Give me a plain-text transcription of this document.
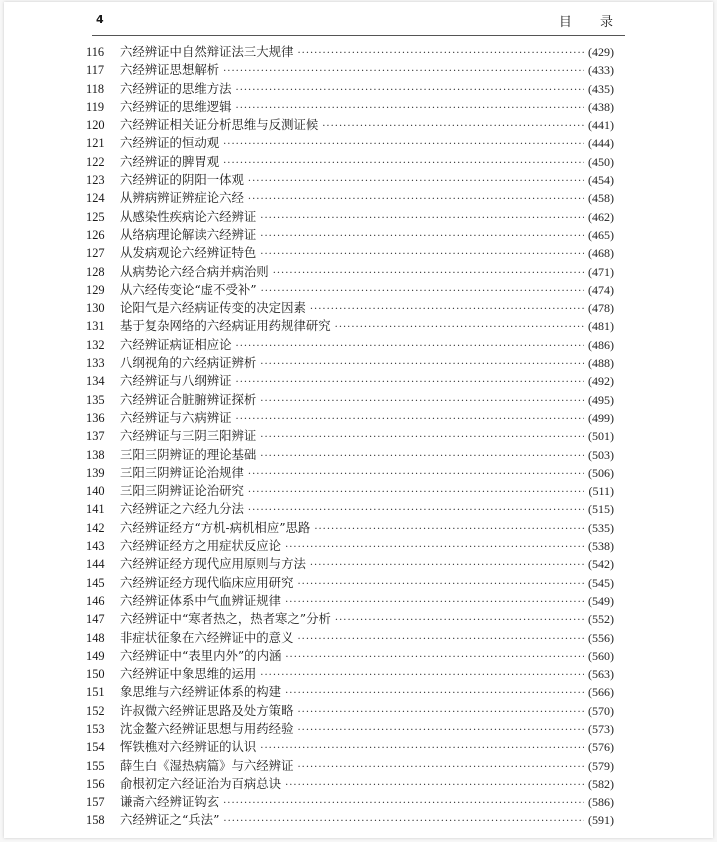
4	目 录
116	六经辨证中自然辩证法三大规律 ·····	(429)
117	六经辨证思想解析 ·····	(433)
118	六经辨证的思维方法 ·····	(435)
119	六经辨证的思维逻辑 ·····	(438)
120	六经辨证相关证分析思维与反测证候 ·····	(441)
121	六经辨证的恒动观 ·····	(444)
122	六经辨证的脾胃观 ·····	(450)
123	六经辨证的阴阳一体观 ·····	(454)
124	从辨病辨证辨症论六经 ·····	(458)
125	从感染性疾病论六经辨证 ·····	(462)
126	从络病理论解读六经辨证 ·····	(465)
127	从发病观论六经辨证特色 ·····	(468)
128	从病势论六经合病并病治则 ·····	(471)
129	从六经传变论“虚不受补” ·····	(474)
130	论阳气是六经病证传变的决定因素 ·····	(478)
131	基于复杂网络的六经病证用药规律研究 ·····	(481)
132	六经辨证病证相应论 ·····	(486)
133	八纲视角的六经病证辨析 ·····	(488)
134	六经辨证与八纲辨证 ·····	(492)
135	六经辨证合脏腑辨证探析 ·····	(495)
136	六经辨证与六病辨证 ·····	(499)
137	六经辨证与三阴三阳辨证 ·····	(501)
138	三阳三阴辨证的理论基础 ·····	(503)
139	三阳三阴辨证论治规律 ·····	(506)
140	三阳三阴辨证论治研究 ·····	(511)
141	六经辨证之六经九分法 ·····	(515)
142	六经辨证经方“方机-病机相应”思路 ·····	(535)
143	六经辨证经方之用症状反应论 ·····	(538)
144	六经辨证经方现代应用原则与方法 ·····	(542)
145	六经辨证经方现代临床应用研究 ·····	(545)
146	六经辨证体系中气血辨证规律 ·····	(549)
147	六经辨证中“寒者热之，热者寒之”分析 ·····	(552)
148	非症状征象在六经辨证中的意义 ·····	(556)
149	六经辨证中“表里内外”的内涵 ·····	(560)
150	六经辨证中象思维的运用 ·····	(563)
151	象思维与六经辨证体系的构建 ·····	(566)
152	许叔微六经辨证思路及处方策略 ·····	(570)
153	沈金鳌六经辨证思想与用药经验 ·····	(573)
154	恽铁樵对六经辨证的认识 ·····	(576)
155	薛生白《湿热病篇》与六经辨证 ·····	(579)
156	俞根初定六经证治为百病总诀 ·····	(582)
157	谦斋六经辨证钩玄 ·····	(586)
158	六经辨证之“兵法” ·····	(591)
